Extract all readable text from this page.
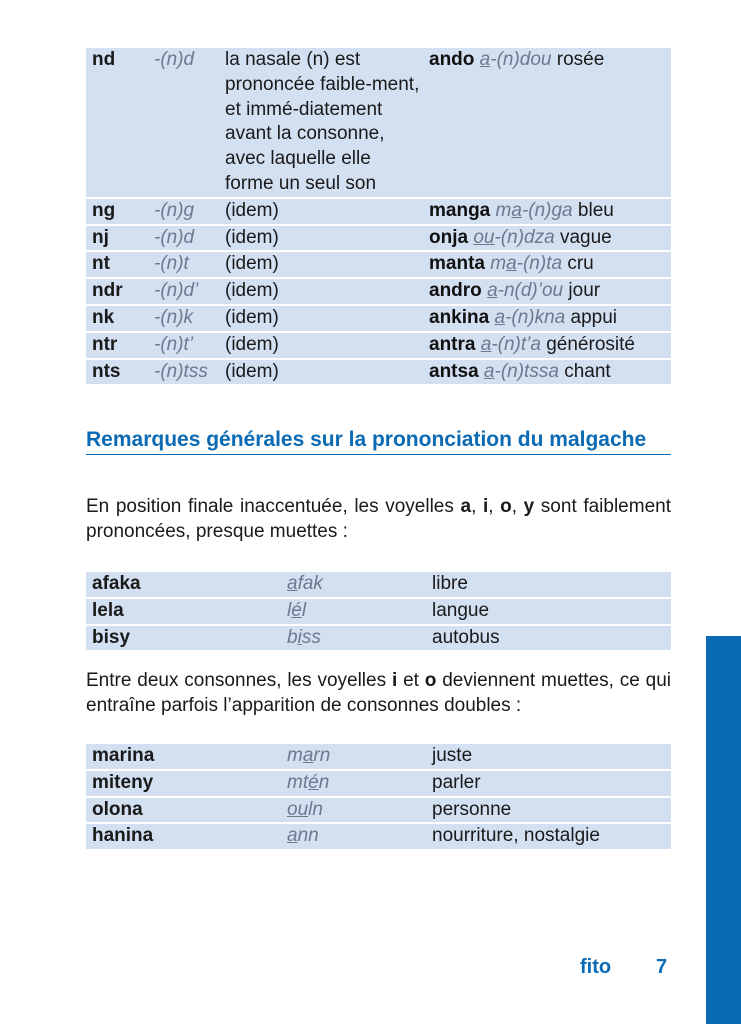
nd	-(n)d	la nasale (n) est prononcée faible-ment, et immé-diatement avant la consonne, avec laquelle elle forme un seul son	ando a-(n)dou rosée
ng	-(n)g	(idem)	manga ma-(n)ga bleu
nj	-(n)d	(idem)	onja ou-(n)dza vague
nt	-(n)t	(idem)	manta ma-(n)ta cru
ndr	-(n)d’	(idem)	andro a-n(d)’ou jour
nk	-(n)k	(idem)	ankina a-(n)kna appui
ntr	-(n)t’	(idem)	antra a-(n)t’a générosité
nts	-(n)tss	(idem)	antsa a-(n)tssa chant
Remarques générales sur la prononciation du malgache
En position finale inaccentuée, les voyelles a, i, o, y sont faiblement prononcées, presque muettes :
afaka	afak	libre
lela	lél	langue
bisy	biss	autobus
Entre deux consonnes, les voyelles i et o deviennent muettes, ce qui entraîne parfois l’apparition de consonnes doubles :
marina	marn	juste
miteny	mtén	parler
olona	ouln	personne
hanina	ann	nourriture, nostalgie
fito 7
